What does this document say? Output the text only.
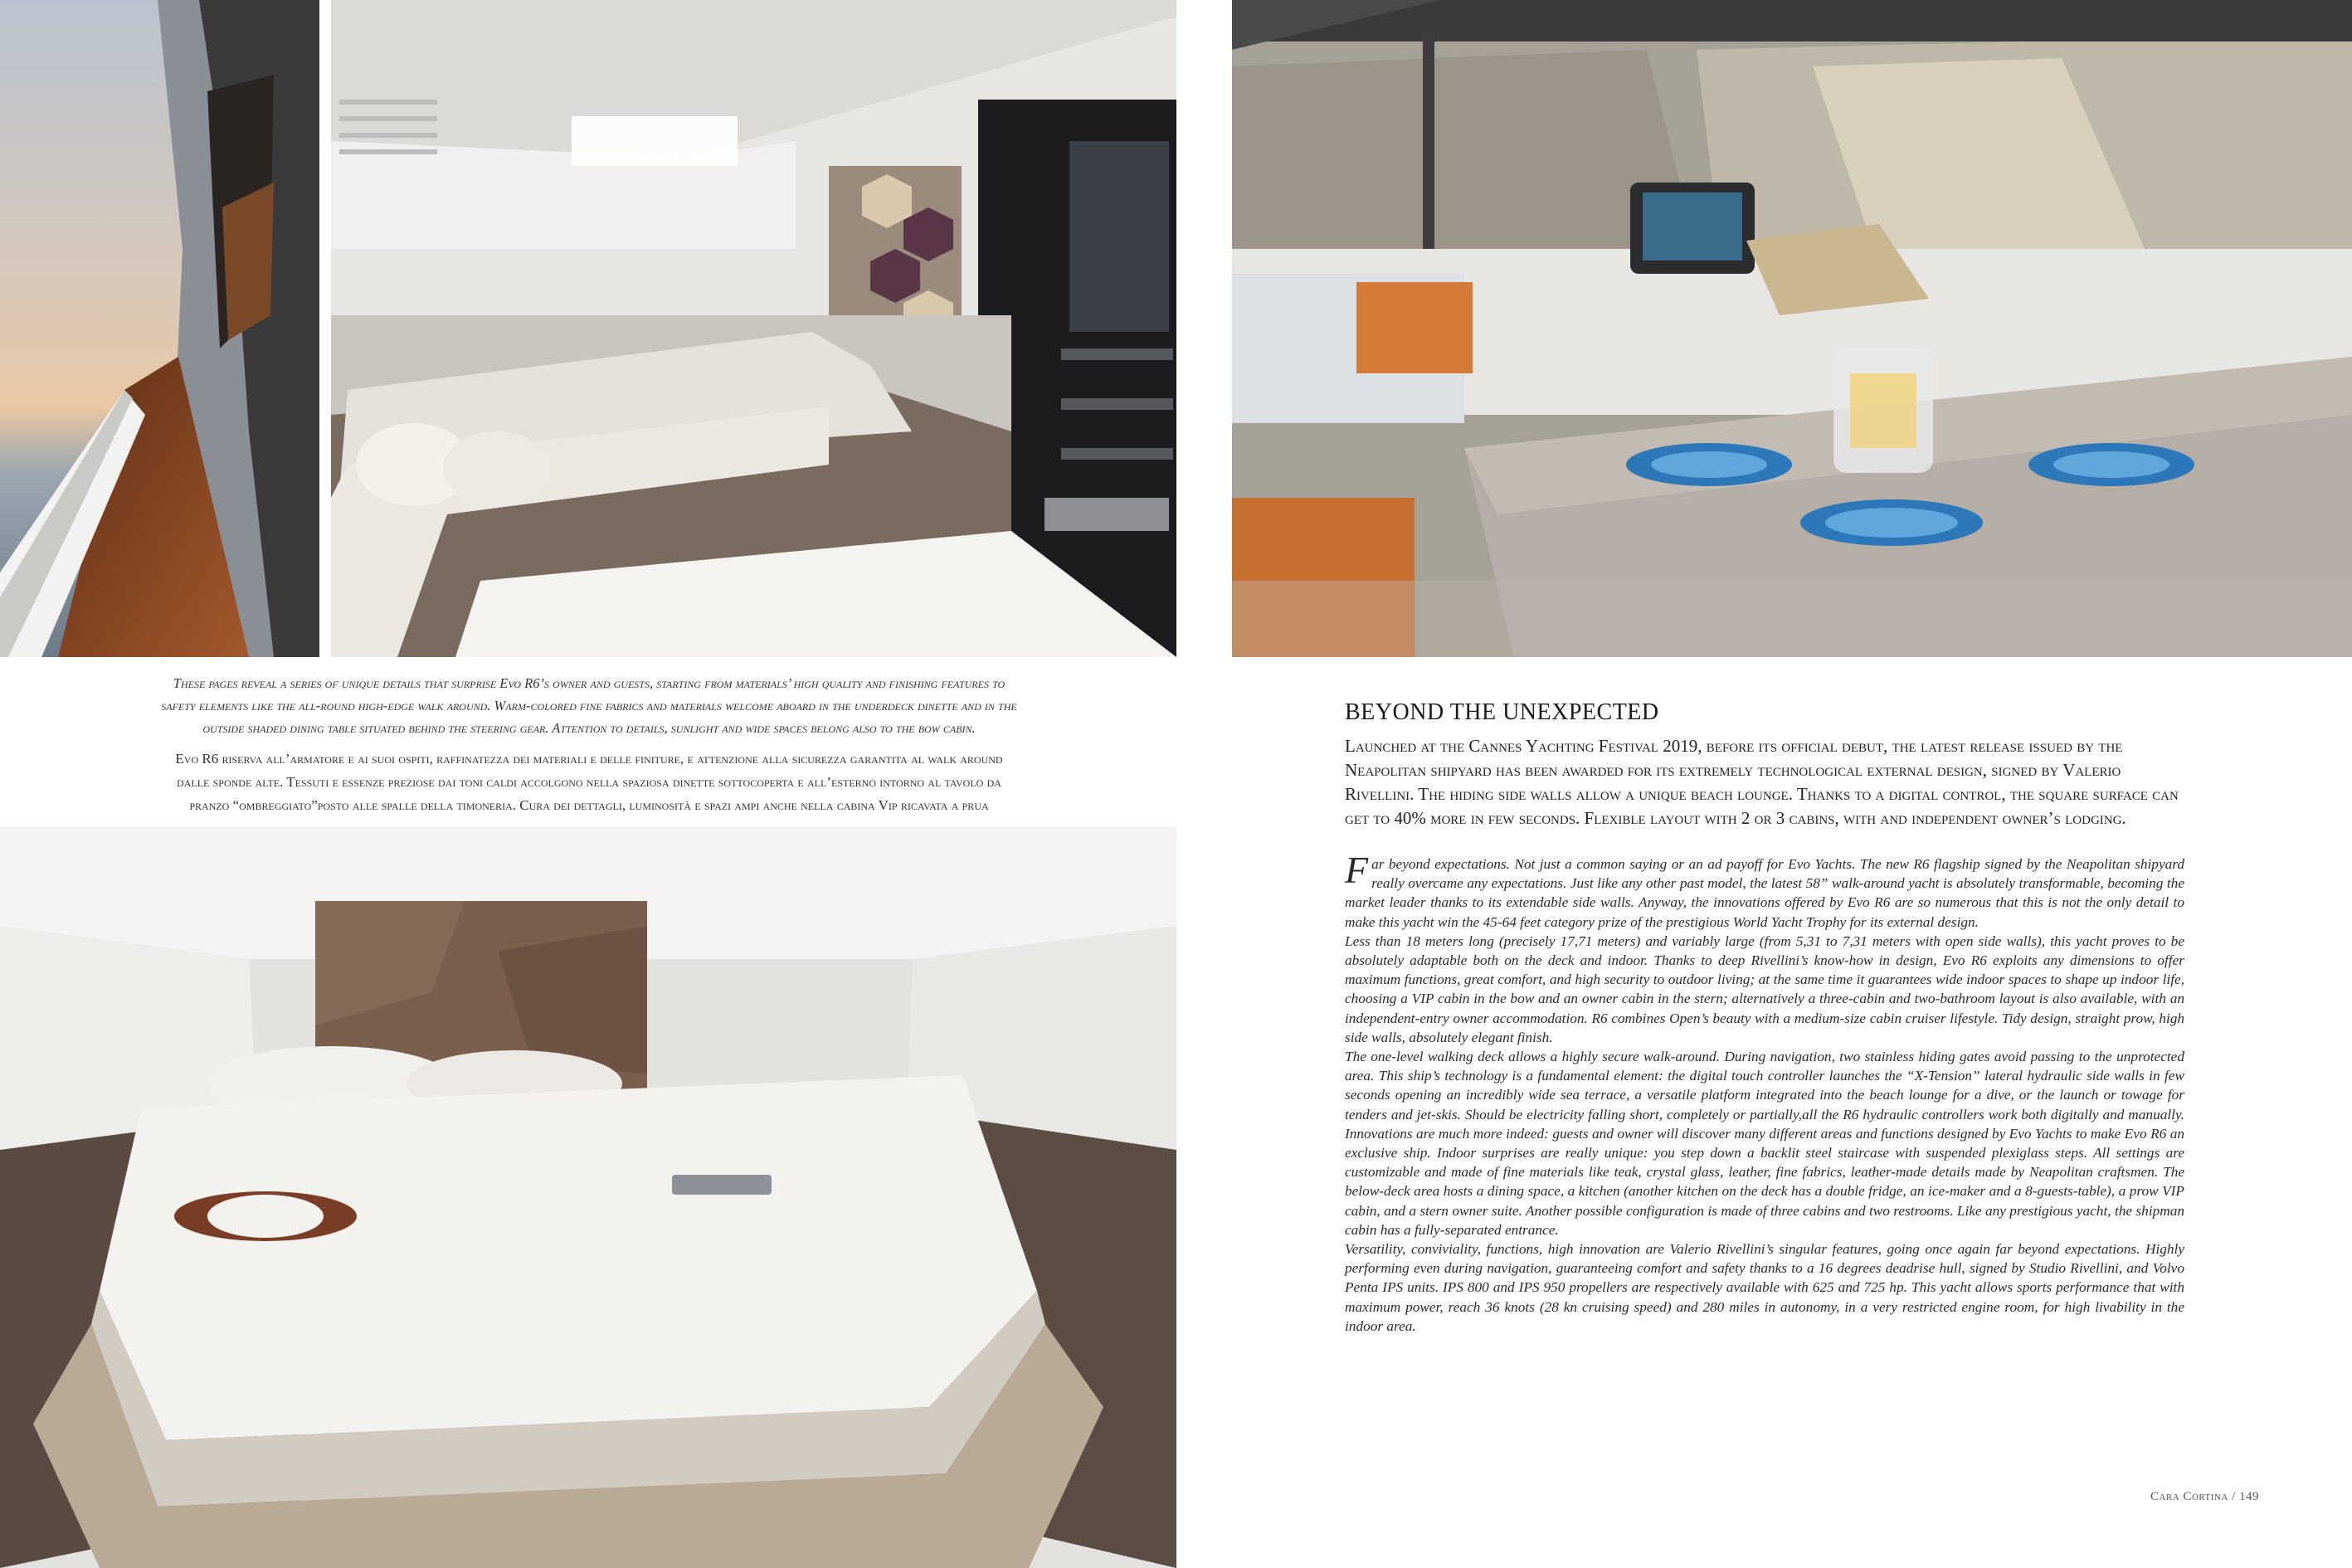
These pages reveal a series of unique details that surprise Evo R6’s owner and guests, starting from materials’ high quality and finishing features to safety elements like the all-round high-edge walk around. Warm-colored fine fabrics and materials welcome aboard in the underdeck dinette and in the outside shaded dining table situated behind the steering gear. Attention to details, sunlight and wide spaces belong also to the bow cabin.

Evo R6 riserva all’armatore e ai suoi ospiti, raffinatezza dei materiali e delle finiture, e attenzione alla sicurezza garantita al walk around dalle sponde alte. Tessuti e essenze preziose dai toni caldi accolgono nella spaziosa dinette sottocoperta e all’esterno intorno al tavolo da pranzo “ombreggiato”posto alle spalle della timoneria. Cura dei dettagli, luminosità e spazi ampi anche nella cabina Vip ricavata a prua

BEYOND THE UNEXPECTED

Launched at the Cannes Yachting Festival 2019, before its official debut, the latest release issued by the Neapolitan shipyard has been awarded for its extremely technological external design, signed by Valerio Rivellini. The hiding side walls allow a unique beach lounge. Thanks to a digital control, the square surface can get to 40% more in few seconds. Flexible layout with 2 or 3 cabins, with and independent owner’s lodging.

Far beyond expectations. Not just a common saying or an ad payoff for Evo Yachts. The new R6 flagship signed by the Neapolitan shipyard really overcame any expectations. Just like any other past model, the latest 58” walk-around yacht is absolutely transformable, becoming the market leader thanks to its extendable side walls. Anyway, the innovations offered by Evo R6 are so numerous that this is not the only detail to make this yacht win the 45-64 feet category prize of the prestigious World Yacht Trophy for its external design.

Less than 18 meters long (precisely 17,71 meters) and variably large (from 5,31 to 7,31 meters with open side walls), this yacht proves to be absolutely adaptable both on the deck and indoor. Thanks to deep Rivellini’s know-how in design, Evo R6 exploits any dimensions to offer maximum functions, great comfort, and high security to outdoor living; at the same time it guarantees wide indoor spaces to shape up indoor life, choosing a VIP cabin in the bow and an owner cabin in the stern; alternatively a three-cabin and two-bathroom layout is also available, with an independent-entry owner accommodation. R6 combines Open’s beauty with a medium-size cabin cruiser lifestyle. Tidy design, straight prow, high side walls, absolutely elegant finish.

The one-level walking deck allows a highly secure walk-around. During navigation, two stainless hiding gates avoid passing to the unprotected area. This ship’s technology is a fundamental element: the digital touch controller launches the “X-Tension” lateral hydraulic side walls in few seconds opening an incredibly wide sea terrace, a versatile platform integrated into the beach lounge for a dive, or the launch or towage for tenders and jet-skis. Should be electricity falling short, completely or partially,all the R6 hydraulic controllers work both digitally and manually. Innovations are much more indeed: guests and owner will discover many different areas and functions designed by Evo Yachts to make Evo R6 an exclusive ship. Indoor surprises are really unique: you step down a backlit steel staircase with suspended plexiglass steps. All settings are customizable and made of fine materials like teak, crystal glass, leather, fine fabrics, leather-made details made by Neapolitan craftsmen. The below-deck area hosts a dining space, a kitchen (another kitchen on the deck has a double fridge, an ice-maker and a 8-guests-table), a prow VIP cabin, and a stern owner suite. Another possible configuration is made of three cabins and two restrooms. Like any prestigious yacht, the shipman cabin has a fully-separated entrance.

Versatility, conviviality, functions, high innovation are Valerio Rivellini’s singular features, going once again far beyond expectations. Highly performing even during navigation, guaranteeing comfort and safety thanks to a 16 degrees deadrise hull, signed by Studio Rivellini, and Volvo Penta IPS units. IPS 800 and IPS 950 propellers are respectively available with 625 and 725 hp. This yacht allows sports performance that with maximum power, reach 36 knots (28 kn cruising speed) and 280 miles in autonomy, in a very restricted engine room, for high livability in the indoor area.

Cara Cortina / 149
